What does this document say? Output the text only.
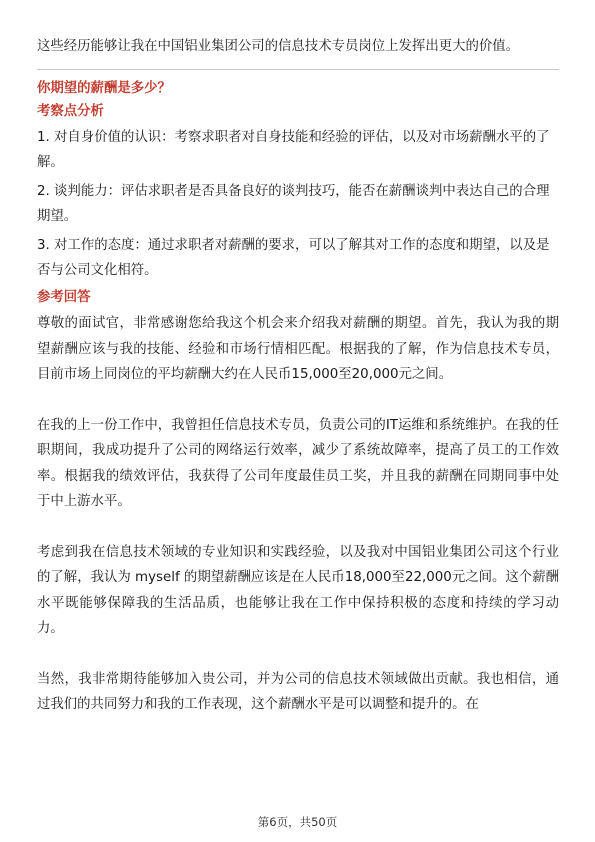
这些经历能够让我在中国铝业集团公司的信息技术专员岗位上发挥出更大的价值。

你期望的薪酬是多少？

考察点分析

1. 对自身价值的认识：考察求职者对自身技能和经验的评估，以及对市场薪酬水平的了解。

2. 谈判能力：评估求职者是否具备良好的谈判技巧，能否在薪酬谈判中表达自己的合理期望。

3. 对工作的态度：通过求职者对薪酬的要求，可以了解其对工作的态度和期望，以及是否与公司文化相符。

参考回答

尊敬的面试官，非常感谢您给我这个机会来介绍我对薪酬的期望。首先，我认为我的期望薪酬应该与我的技能、经验和市场行情相匹配。根据我的了解，作为信息技术专员，目前市场上同岗位的平均薪酬大约在人民币15,000至20,000元之间。

在我的上一份工作中，我曾担任信息技术专员，负责公司的IT运维和系统维护。在我的任职期间，我成功提升了公司的网络运行效率，减少了系统故障率，提高了员工的工作效率。根据我的绩效评估，我获得了公司年度最佳员工奖，并且我的薪酬在同期同事中处于中上游水平。

考虑到我在信息技术领域的专业知识和实践经验，以及我对中国铝业集团公司这个行业的了解，我认为 myself 的期望薪酬应该是在人民币18,000至22,000元之间。这个薪酬水平既能够保障我的生活品质，也能够让我在工作中保持积极的态度和持续的学习动力。

当然，我非常期待能够加入贵公司，并为公司的信息技术领域做出贡献。我也相信，通过我们的共同努力和我的工作表现，这个薪酬水平是可以调整和提升的。在

第6页，共50页
